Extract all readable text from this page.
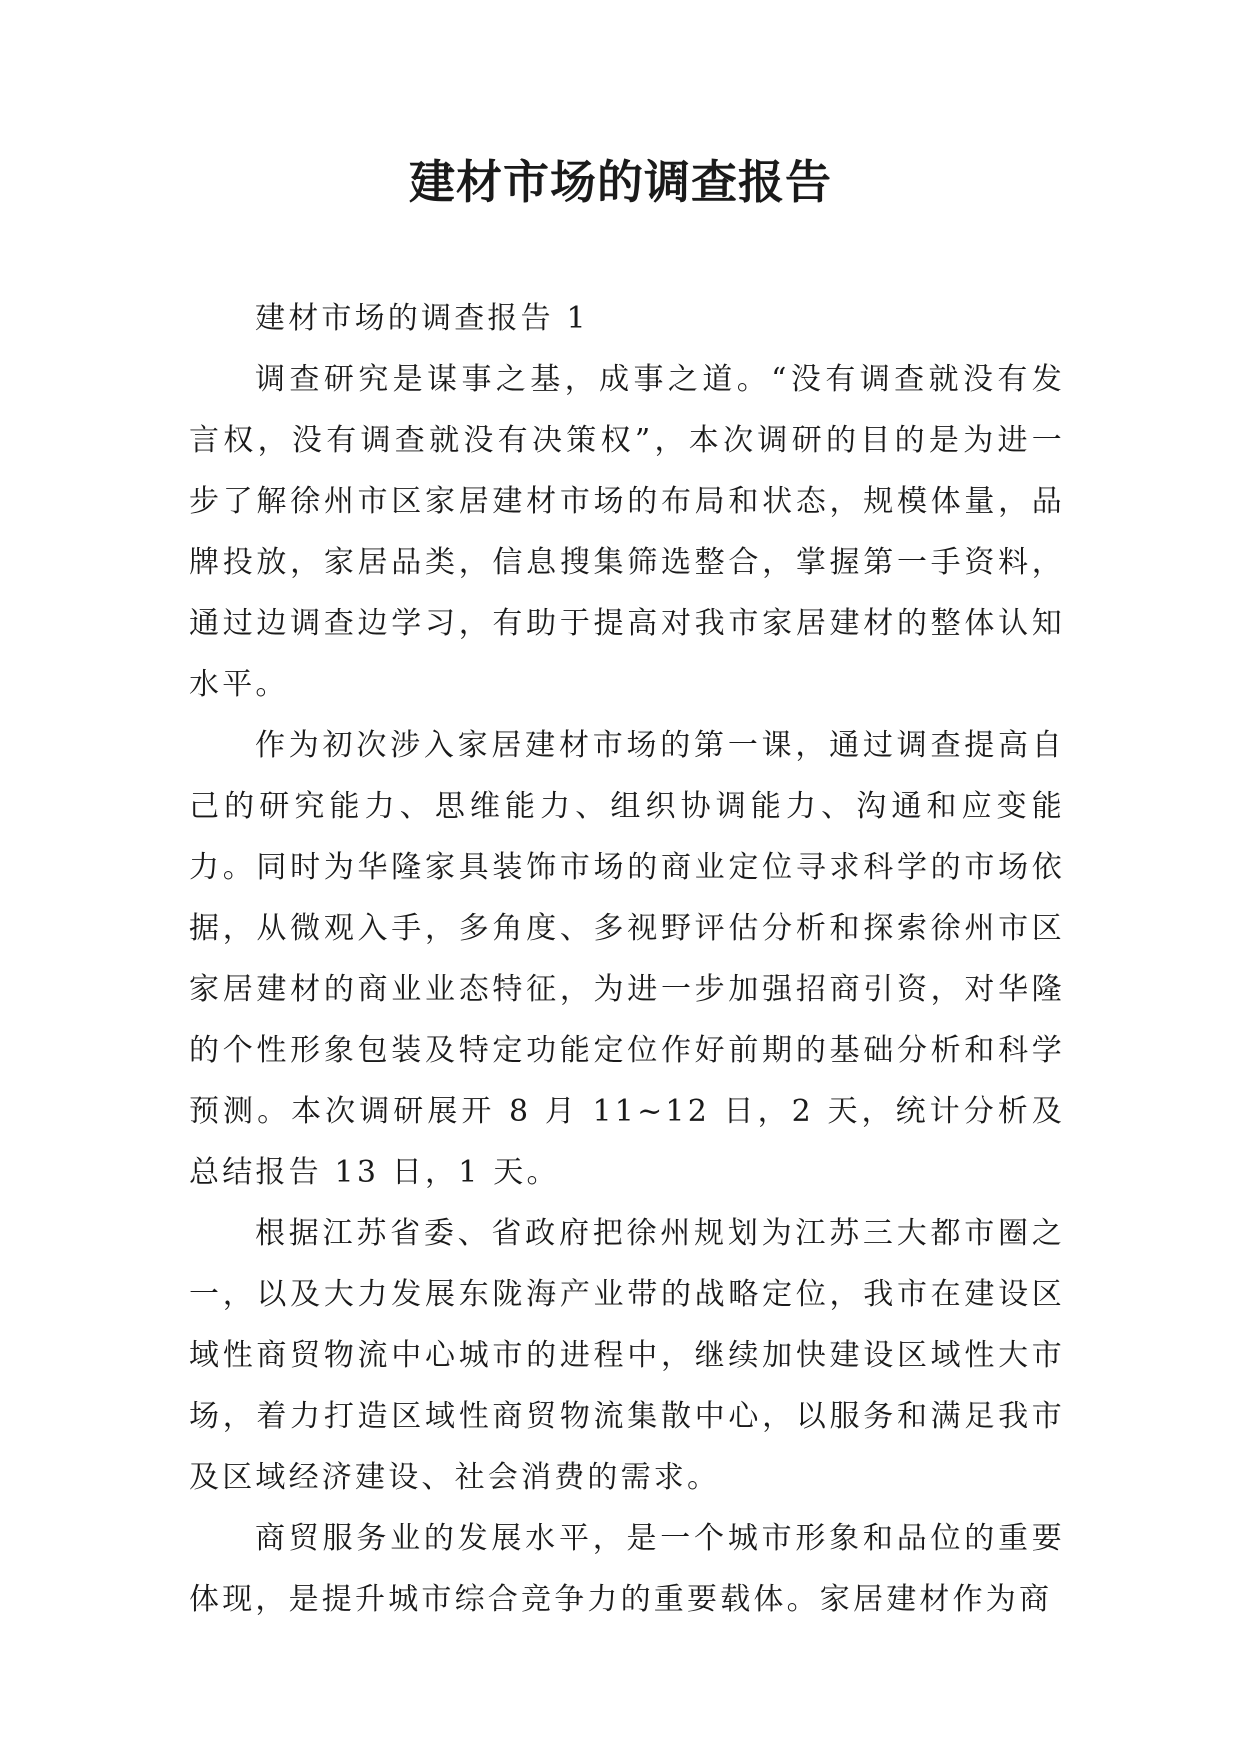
建材市场的调查报告

建材市场的调查报告 1

调查研究是谋事之基，成事之道。“没有调查就没有发言权，没有调查就没有决策权”，本次调研的目的是为进一步了解徐州市区家居建材市场的布局和状态，规模体量，品牌投放，家居品类，信息搜集筛选整合，掌握第一手资料，通过边调查边学习，有助于提高对我市家居建材的整体认知水平。

作为初次涉入家居建材市场的第一课，通过调查提高自己的研究能力、思维能力、组织协调能力、沟通和应变能力。同时为华隆家具装饰市场的商业定位寻求科学的市场依据，从微观入手，多角度、多视野评估分析和探索徐州市区家居建材的商业业态特征，为进一步加强招商引资，对华隆的个性形象包装及特定功能定位作好前期的基础分析和科学预测。本次调研展开 8 月 11~12 日，2 天，统计分析及总结报告 13 日，1 天。

根据江苏省委、省政府把徐州规划为江苏三大都市圈之一，以及大力发展东陇海产业带的战略定位，我市在建设区域性商贸物流中心城市的进程中，继续加快建设区域性大市场，着力打造区域性商贸物流集散中心，以服务和满足我市及区域经济建设、社会消费的需求。

商贸服务业的发展水平，是一个城市形象和品位的重要体现，是提升城市综合竞争力的重要载体。家居建材作为商
